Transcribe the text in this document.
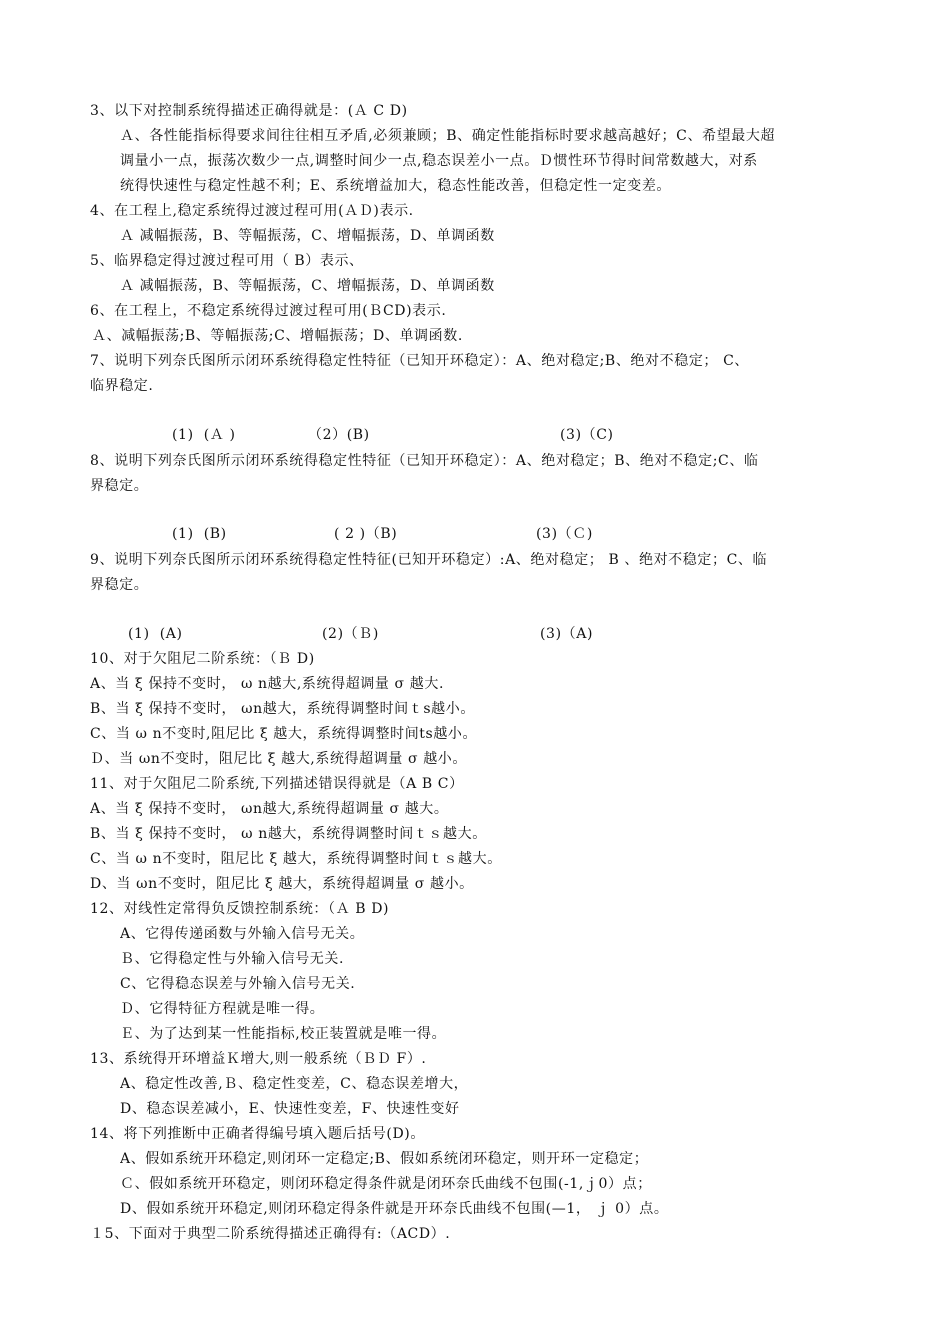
3、以下对控制系统得描述正确得就是：(Ａ C D)
Ａ、各性能指标得要求间往往相互矛盾,必须兼顾；B、确定性能指标时要求越高越好；C、希望最大超
调量小一点，振荡次数少一点,调整时间少一点,稳态误差小一点。Ｄ惯性环节得时间常数越大，对系
统得快速性与稳定性越不利；E、系统增益加大，稳态性能改善，但稳定性一定变差。
4、在工程上,稳定系统得过渡过程可用(ＡＤ)表示.
Ａ 减幅振荡，B、等幅振荡，C、增幅振荡，D、单调函数
5、临界稳定得过渡过程可用（ B）表示、
Ａ 减幅振荡，B、等幅振荡，C、增幅振荡，D、单调函数
6、在工程上，不稳定系统得过渡过程可用(ＢCD)表示.
Ａ、减幅振荡;B、等幅振荡;C、增幅振荡；D、单调函数.
7、说明下列奈氏图所示闭环系统得稳定性特征（已知开环稳定）：A、绝对稳定;B、绝对不稳定； C、
临界稳定.
(1)  (Ａ )	（2）(B)	(3)（C)
8、说明下列奈氏图所示闭环系统得稳定性特征（已知开环稳定）：A、绝对稳定；B、绝对不稳定;C、临
界稳定。
(1)  (B)	( 2 )（B)	(3)（Ｃ)
9、说明下列奈氏图所示闭环系统得稳定性特征(已知开环稳定）:A、绝对稳定； B 、绝对不稳定；C、临
界稳定。
(1)  (A)	(2)（Ｂ)	(3)（A)
10、对于欠阻尼二阶系统：（Ｂ D)
A、当 ξ 保持不变时， ω n越大,系统得超调量 σ 越大.
B、当 ξ 保持不变时， ωn越大，系统得调整时间ｔs越小。
C、当 ω n不变时,阻尼比 ξ 越大，系统得调整时间ts越小。
Ｄ、当 ωn不变时，阻尼比 ξ 越大,系统得超调量 σ 越小。
11、对于欠阻尼二阶系统,下列描述错误得就是（A B C）
A、当 ξ 保持不变时， ωn越大,系统得超调量 σ 越大。
B、当 ξ 保持不变时， ω n越大，系统得调整时间ｔｓ越大。
C、当 ω n不变时，阻尼比 ξ 越大，系统得调整时间ｔｓ越大。
D、当 ωn不变时，阻尼比 ξ 越大，系统得超调量 σ 越小。
12、对线性定常得负反馈控制系统：（Ａ B D)
A、它得传递函数与外输入信号无关。
Ｂ、它得稳定性与外输入信号无关.
C、它得稳态误差与外输入信号无关.
Ｄ、它得特征方程就是唯一得。
Ｅ、为了达到某一性能指标,校正装置就是唯一得。
13、系统得开环增益Ｋ增大,则一般系统（ＢＤ F）.
A、稳定性改善,Ｂ、稳定性变差，C、稳态误差增大，
D、稳态误差减小，E、快速性变差，F、快速性变好
14、将下列推断中正确者得编号填入题后括号(D)。
A、假如系统开环稳定,则闭环一定稳定;B、假如系统闭环稳定，则开环一定稳定；
Ｃ、假如系统开环稳定，则闭环稳定得条件就是闭环奈氏曲线不包围(-1,ｊ0）点；
D、假如系统开环稳定,则闭环稳定得条件就是开环奈氏曲线不包围(—1， ｊ 0）点。
１5、下面对于典型二阶系统得描述正确得有:（ACD）.
